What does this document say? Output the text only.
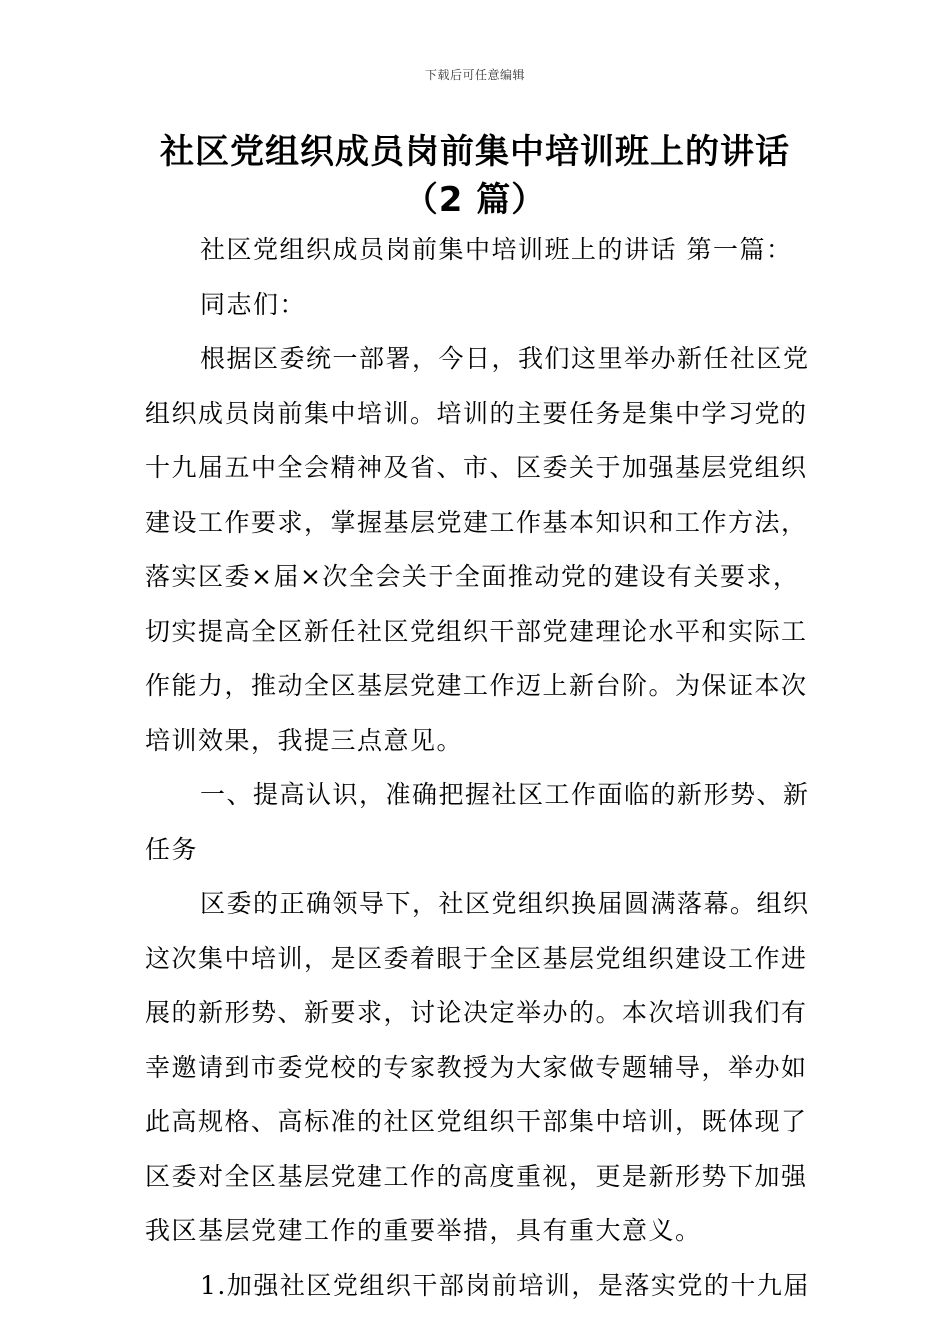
下载后可任意编辑
社区党组织成员岗前集中培训班上的讲话
（2 篇）
社区党组织成员岗前集中培训班上的讲话 第一篇：
同志们：
根据区委统一部署，今日，我们这里举办新任社区党
组织成员岗前集中培训。培训的主要任务是集中学习党的
十九届五中全会精神及省、市、区委关于加强基层党组织
建设工作要求，掌握基层党建工作基本知识和工作方法，
落实区委×届×次全会关于全面推动党的建设有关要求，
切实提高全区新任社区党组织干部党建理论水平和实际工
作能力，推动全区基层党建工作迈上新台阶。为保证本次
培训效果，我提三点意见。
一、提高认识，准确把握社区工作面临的新形势、新
任务
区委的正确领导下，社区党组织换届圆满落幕。组织
这次集中培训，是区委着眼于全区基层党组织建设工作进
展的新形势、新要求，讨论决定举办的。本次培训我们有
幸邀请到市委党校的专家教授为大家做专题辅导，举办如
此高规格、高标准的社区党组织干部集中培训，既体现了
区委对全区基层党建工作的高度重视，更是新形势下加强
我区基层党建工作的重要举措，具有重大意义。
1.加强社区党组织干部岗前培训，是落实党的十九届
